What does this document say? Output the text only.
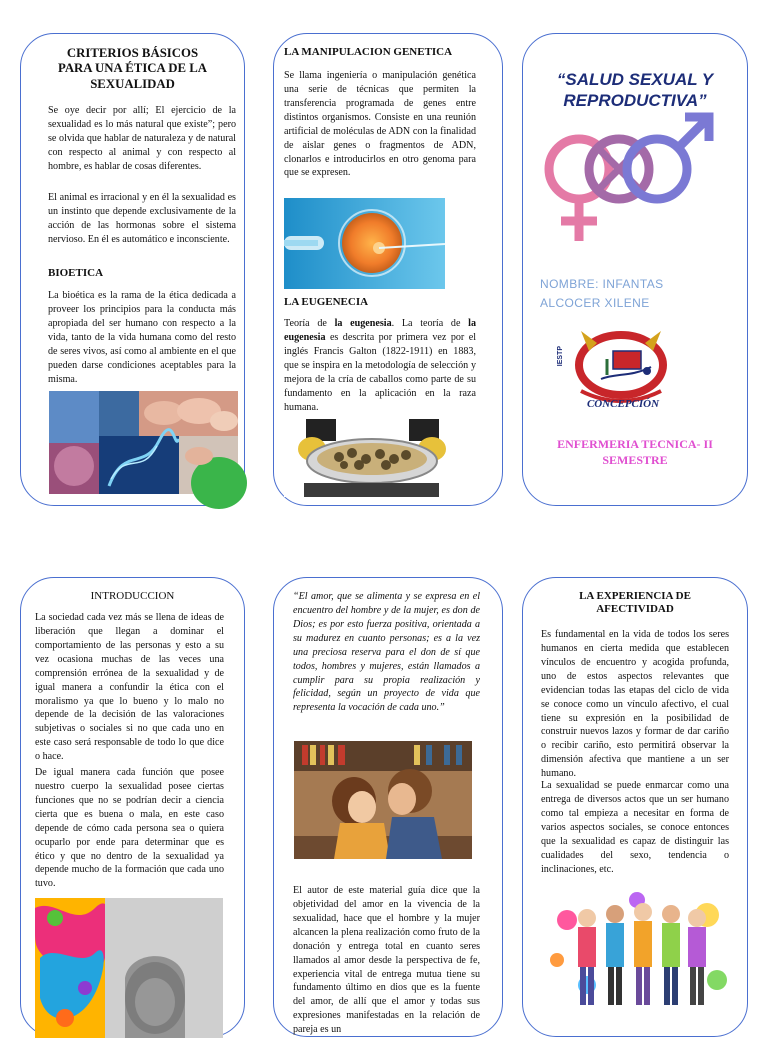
CRITERIOS BÁSICOS PARA UNA ÉTICA DE LA SEXUALIDAD

Se oye decir por allí; El ejercicio de la sexualidad es lo más natural que existe”; pero se olvida que hablar de naturaleza y de natural con respecto al animal y con respecto al hombre, es hablar de cosas diferentes.

El animal es irracional y en él la sexualidad es un instinto que depende exclusivamente de la acción de las hormonas sobre el sistema nervioso. En él es automático e inconsciente.

BIOETICA

La bioética es la rama de la ética dedicada a proveer los principios para la conducta más apropiada del ser humano con respecto a la vida, tanto de la vida humana como del resto de seres vivos, así como al ambiente en el que pueden darse condiciones aceptables para la misma.

LA MANIPULACION GENETICA

Se llama ingeniería o manipulación genética una serie de técnicas que permiten la transferencia programada de genes entre distintos organismos. Consiste en una reunión artificial de moléculas de ADN con la finalidad de aislar genes o fragmentos de ADN, clonarlos e introducirlos en otro genoma para que se expresen.

LA EUGENECIA

Teoría de la eugenesia. La teoría de la eugenesia es descrita por primera vez por el inglés Francis Galton (1822-1911) en 1883, que se inspira en la metodología de selección y mejora de la cría de caballos como parte de su fundamento en la aplicación en la raza humana.

“SALUD SEXUAL Y REPRODUCTIVA”
NOMBRE: INFANTAS
ALCOCER XILENE
IESTP
CONCEPCIÓN
ENFERMERIA TECNICA- II SEMESTRE
INTRODUCCION

La sociedad cada vez más se llena de ideas de liberación que llegan a dominar el comportamiento de las personas y esto a su vez ocasiona muchas de las veces una comprensión errónea de la sexualidad y de igual manera a confundir la ética con el moralismo ya que lo bueno y lo malo no depende de la decisión de las valoraciones subjetivas o sociales si no que cada uno en este caso será responsable de todo lo que dice o hace.

De igual manera cada función que posee nuestro cuerpo la sexualidad posee ciertas funciones que no se podrían decir a ciencia cierta que es buena o mala, en este caso depende de cómo cada persona sea o quiera ocuparlo por ende para determinar que es ético y que no dentro de la sexualidad ya depende mucho de la formación que cada uno tuvo.

“El amor, que se alimenta y se expresa en el encuentro del hombre y de la mujer, es don de Dios; es por esto fuerza positiva, orientada a su madurez en cuanto personas; es a la vez una preciosa reserva para el don de sí que todos, hombres y mujeres, están llamados a cumplir para su propia realización y felicidad, según un proyecto de vida que representa la vocación de cada uno.”

El autor de este material guía dice que la objetividad del amor en la vivencia de la sexualidad, hace que el hombre y la mujer alcancen la plena realización como fruto de la donación y entrega total en cuanto seres llamados al amor desde la perspectiva de fe, experiencia vital de entrega mutua tiene su fundamento último en dios que es la fuente del amor, de allí que el amor y todas sus expresiones manifestadas en la relación de pareja es un

LA EXPERIENCIA DE AFECTIVIDAD

Es fundamental en la vida de todos los seres humanos en cierta medida que establecen vínculos de encuentro y acogida profunda, uno de estos aspectos relevantes que evidencian todas las etapas del ciclo de vida se conoce como un vínculo afectivo, el cual tiene su expresión en la posibilidad de construir nuevos lazos y formar de dar cariño o recibir cariño, esto permitirá observar la dimensión afectiva que mantiene a un ser humano.

La sexualidad se puede enmarcar como una entrega de diversos actos que un ser humano como tal empieza a necesitar en forma de varios aspectos sociales, se conoce entonces que la sexualidad es capaz de distinguir las cualidades del sexo, tendencia o inclinaciones, etc.
